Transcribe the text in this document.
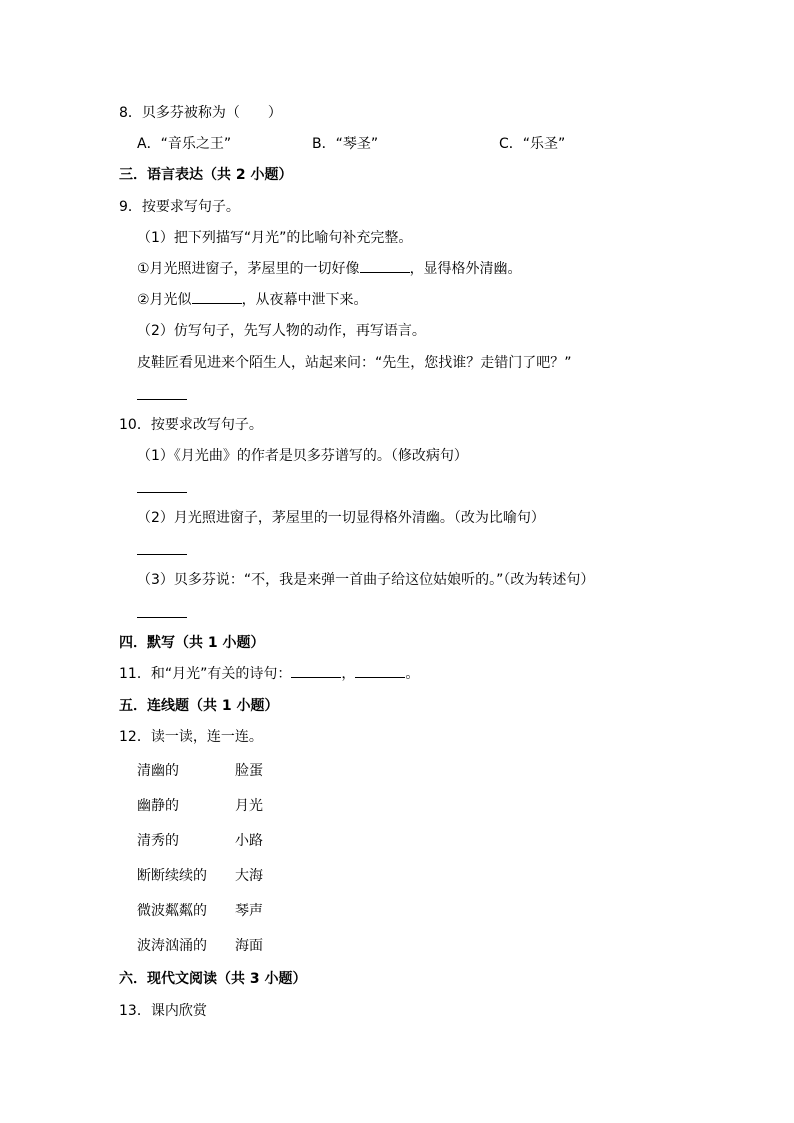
8．贝多芬被称为（　　）
A．“音乐之王”	B．“琴圣”	C．“乐圣”
三．语言表达（共 2 小题）
9．按要求写句子。
（1）把下列描写“月光”的比喻句补充完整。
①月光照进窗子，茅屋里的一切好像	，显得格外清幽。
②月光似	，从夜幕中泄下来。
（2）仿写句子，先写人物的动作，再写语言。
皮鞋匠看见进来个陌生人，站起来问：“先生，您找谁？走错门了吧？”
10．按要求改写句子。
（1）《月光曲》的作者是贝多芬谱写的。（修改病句）
（2）月光照进窗子，茅屋里的一切显得格外清幽。（改为比喻句）
（3）贝多芬说：“不，我是来弹一首曲子给这位姑娘听的。”（改为转述句）
四．默写（共 1 小题）
11．和“月光”有关的诗句：	，	。
五．连线题（共 1 小题）
12．读一读，连一连。
清幽的	脸蛋
幽静的	月光
清秀的	小路
断断续续的 大海
微波粼粼的 琴声
波涛汹涌的 海面
六．现代文阅读（共 3 小题）
13．课内欣赏
